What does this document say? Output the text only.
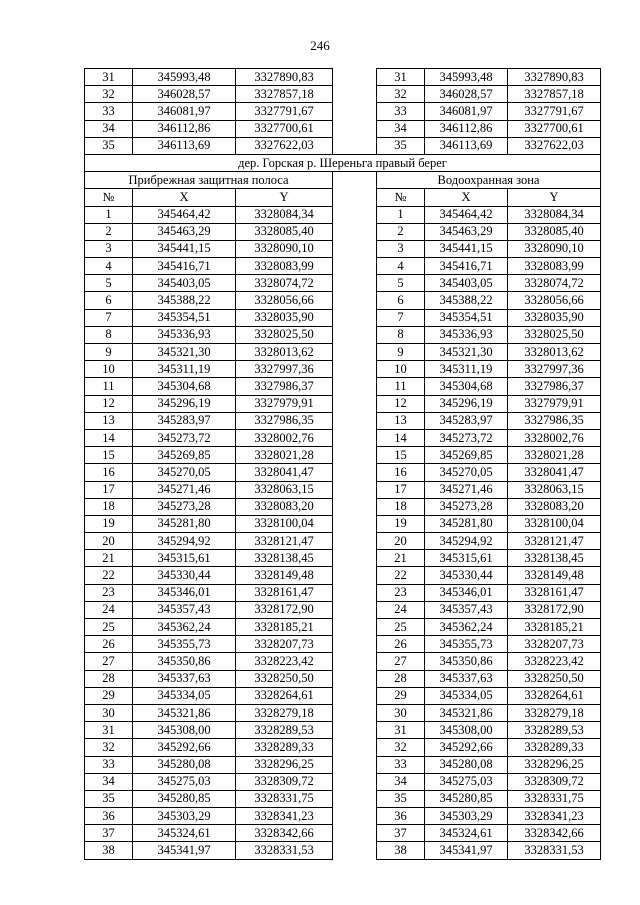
246
31	345993,48	3327890,83		31	345993,48	3327890,83
32	346028,57	3327857,18		32	346028,57	3327857,18
33	346081,97	3327791,67		33	346081,97	3327791,67
34	346112,86	3327700,61		34	346112,86	3327700,61
35	346113,69	3327622,03		35	346113,69	3327622,03
дер. Горская р. Шереньга правый берег						
Прибрежная защитная полоса				Водоохранная зона		
№	X	Y		№	X	Y
1	345464,42	3328084,34		1	345464,42	3328084,34
2	345463,29	3328085,40		2	345463,29	3328085,40
3	345441,15	3328090,10		3	345441,15	3328090,10
4	345416,71	3328083,99		4	345416,71	3328083,99
5	345403,05	3328074,72		5	345403,05	3328074,72
6	345388,22	3328056,66		6	345388,22	3328056,66
7	345354,51	3328035,90		7	345354,51	3328035,90
8	345336,93	3328025,50		8	345336,93	3328025,50
9	345321,30	3328013,62		9	345321,30	3328013,62
10	345311,19	3327997,36		10	345311,19	3327997,36
11	345304,68	3327986,37		11	345304,68	3327986,37
12	345296,19	3327979,91		12	345296,19	3327979,91
13	345283,97	3327986,35		13	345283,97	3327986,35
14	345273,72	3328002,76		14	345273,72	3328002,76
15	345269,85	3328021,28		15	345269,85	3328021,28
16	345270,05	3328041,47		16	345270,05	3328041,47
17	345271,46	3328063,15		17	345271,46	3328063,15
18	345273,28	3328083,20		18	345273,28	3328083,20
19	345281,80	3328100,04		19	345281,80	3328100,04
20	345294,92	3328121,47		20	345294,92	3328121,47
21	345315,61	3328138,45		21	345315,61	3328138,45
22	345330,44	3328149,48		22	345330,44	3328149,48
23	345346,01	3328161,47		23	345346,01	3328161,47
24	345357,43	3328172,90		24	345357,43	3328172,90
25	345362,24	3328185,21		25	345362,24	3328185,21
26	345355,73	3328207,73		26	345355,73	3328207,73
27	345350,86	3328223,42		27	345350,86	3328223,42
28	345337,63	3328250,50		28	345337,63	3328250,50
29	345334,05	3328264,61		29	345334,05	3328264,61
30	345321,86	3328279,18		30	345321,86	3328279,18
31	345308,00	3328289,53		31	345308,00	3328289,53
32	345292,66	3328289,33		32	345292,66	3328289,33
33	345280,08	3328296,25		33	345280,08	3328296,25
34	345275,03	3328309,72		34	345275,03	3328309,72
35	345280,85	3328331,75		35	345280,85	3328331,75
36	345303,29	3328341,23		36	345303,29	3328341,23
37	345324,61	3328342,66		37	345324,61	3328342,66
38	345341,97	3328331,53		38	345341,97	3328331,53
